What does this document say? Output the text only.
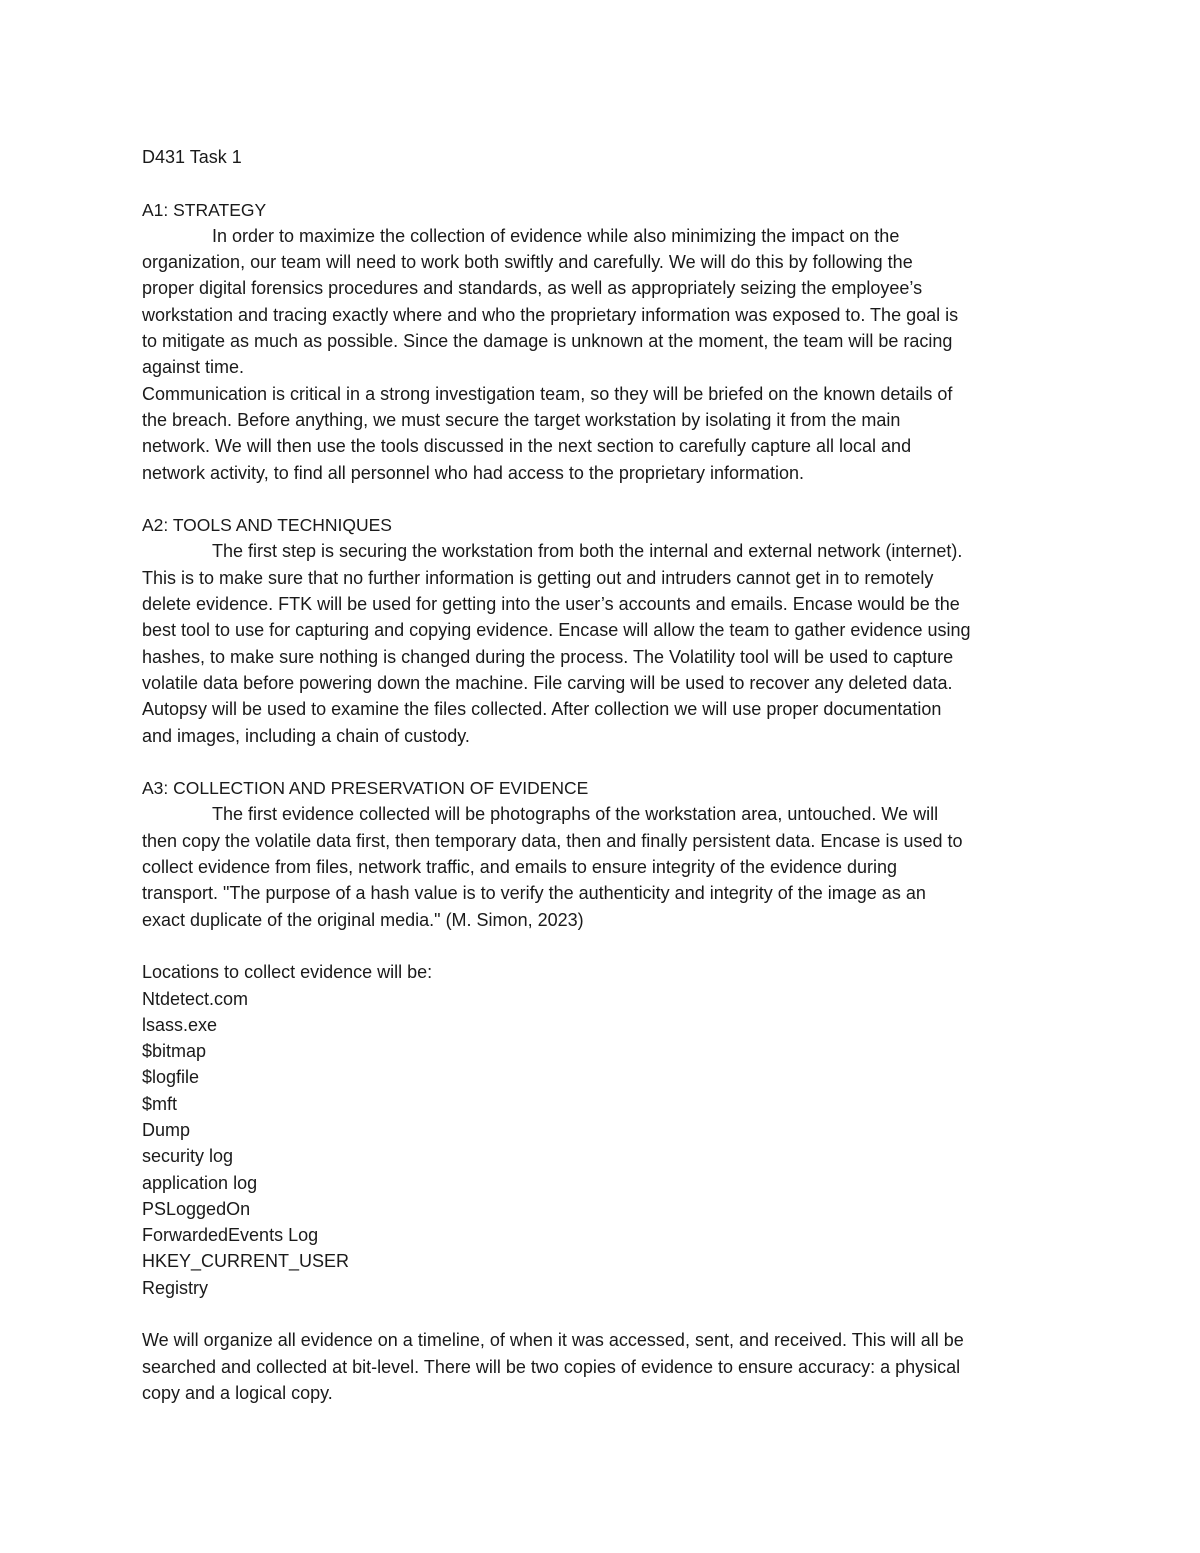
D431 Task 1

A1: STRATEGY

In order to maximize the collection of evidence while also minimizing the impact on the

organization, our team will need to work both swiftly and carefully. We will do this by following the

proper digital forensics procedures and standards, as well as appropriately seizing the employee’s

workstation and tracing exactly where and who the proprietary information was exposed to. The goal is

to mitigate as much as possible. Since the damage is unknown at the moment, the team will be racing

against time.

Communication is critical in a strong investigation team, so they will be briefed on the known details of

the breach. Before anything, we must secure the target workstation by isolating it from the main

network. We will then use the tools discussed in the next section to carefully capture all local and

network activity, to find all personnel who had access to the proprietary information.

A2: TOOLS AND TECHNIQUES

The first step is securing the workstation from both the internal and external network (internet).

This is to make sure that no further information is getting out and intruders cannot get in to remotely

delete evidence. FTK will be used for getting into the user’s accounts and emails. Encase would be the

best tool to use for capturing and copying evidence. Encase will allow the team to gather evidence using

hashes, to make sure nothing is changed during the process. The Volatility tool will be used to capture

volatile data before powering down the machine. File carving will be used to recover any deleted data.

Autopsy will be used to examine the files collected. After collection we will use proper documentation

and images, including a chain of custody.

A3: COLLECTION AND PRESERVATION OF EVIDENCE

The first evidence collected will be photographs of the workstation area, untouched. We will

then copy the volatile data first, then temporary data, then and finally persistent data. Encase is used to

collect evidence from files, network traffic, and emails to ensure integrity of the evidence during

transport. "The purpose of a hash value is to verify the authenticity and integrity of the image as an

exact duplicate of the original media." (M. Simon, 2023)

Locations to collect evidence will be:

Ntdetect.com

lsass.exe

$bitmap

$logfile

$mft

Dump

security log

application log

PSLoggedOn

ForwardedEvents Log

HKEY_CURRENT_USER

Registry

We will organize all evidence on a timeline, of when it was accessed, sent, and received. This will all be

searched and collected at bit-level. There will be two copies of evidence to ensure accuracy: a physical

copy and a logical copy.
